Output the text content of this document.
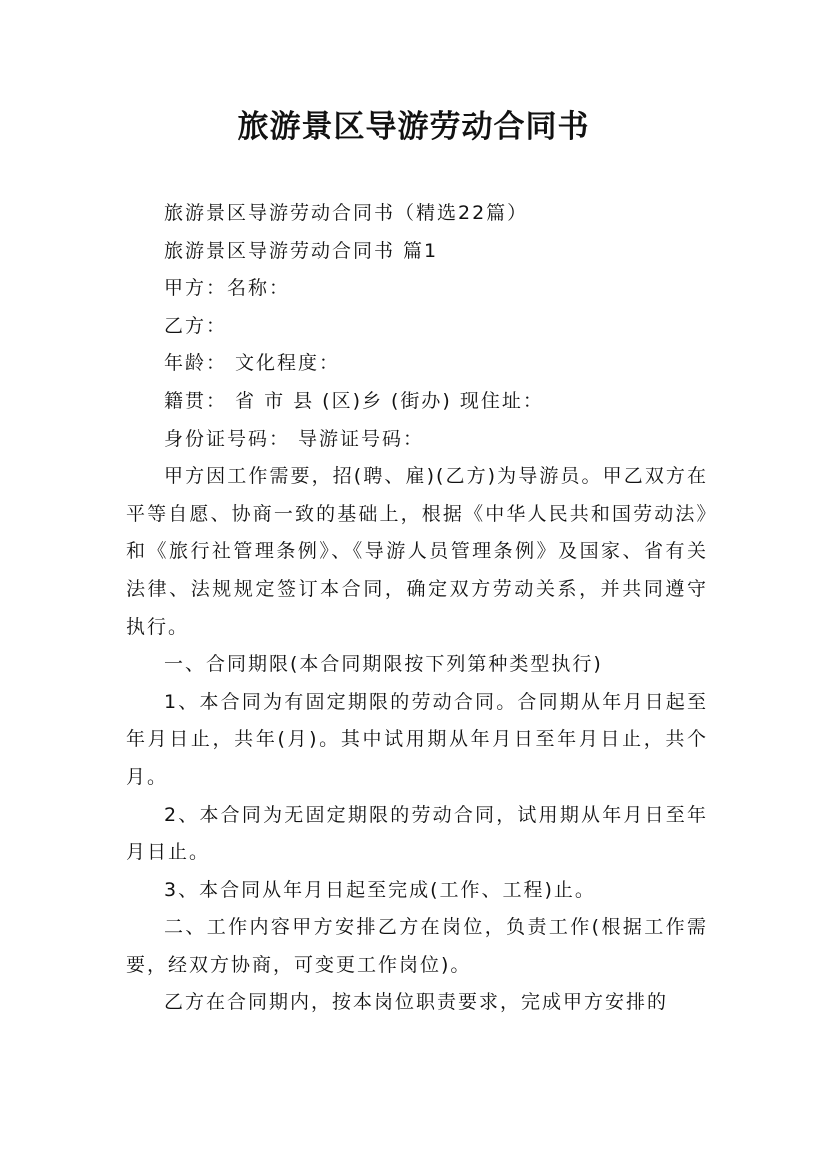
旅游景区导游劳动合同书

旅游景区导游劳动合同书（精选22篇）

旅游景区导游劳动合同书 篇1

甲方：名称：

乙方：

年龄： 文化程度：

籍贯： 省 市 县 (区)乡 (街办) 现住址：

身份证号码： 导游证号码：

甲方因工作需要，招(聘、雇)(乙方)为导游员。甲乙双方在平等自愿、协商一致的基础上，根据《中华人民共和国劳动法》和《旅行社管理条例》、《导游人员管理条例》及国家、省有关法律、法规规定签订本合同，确定双方劳动关系，并共同遵守执行。

一、合同期限(本合同期限按下列第种类型执行)

1、本合同为有固定期限的劳动合同。合同期从年月日起至年月日止，共年(月)。其中试用期从年月日至年月日止，共个月。

2、本合同为无固定期限的劳动合同，试用期从年月日至年月日止。

3、本合同从年月日起至完成(工作、工程)止。

二、工作内容甲方安排乙方在岗位，负责工作(根据工作需要，经双方协商，可变更工作岗位)。

乙方在合同期内，按本岗位职责要求，完成甲方安排的
